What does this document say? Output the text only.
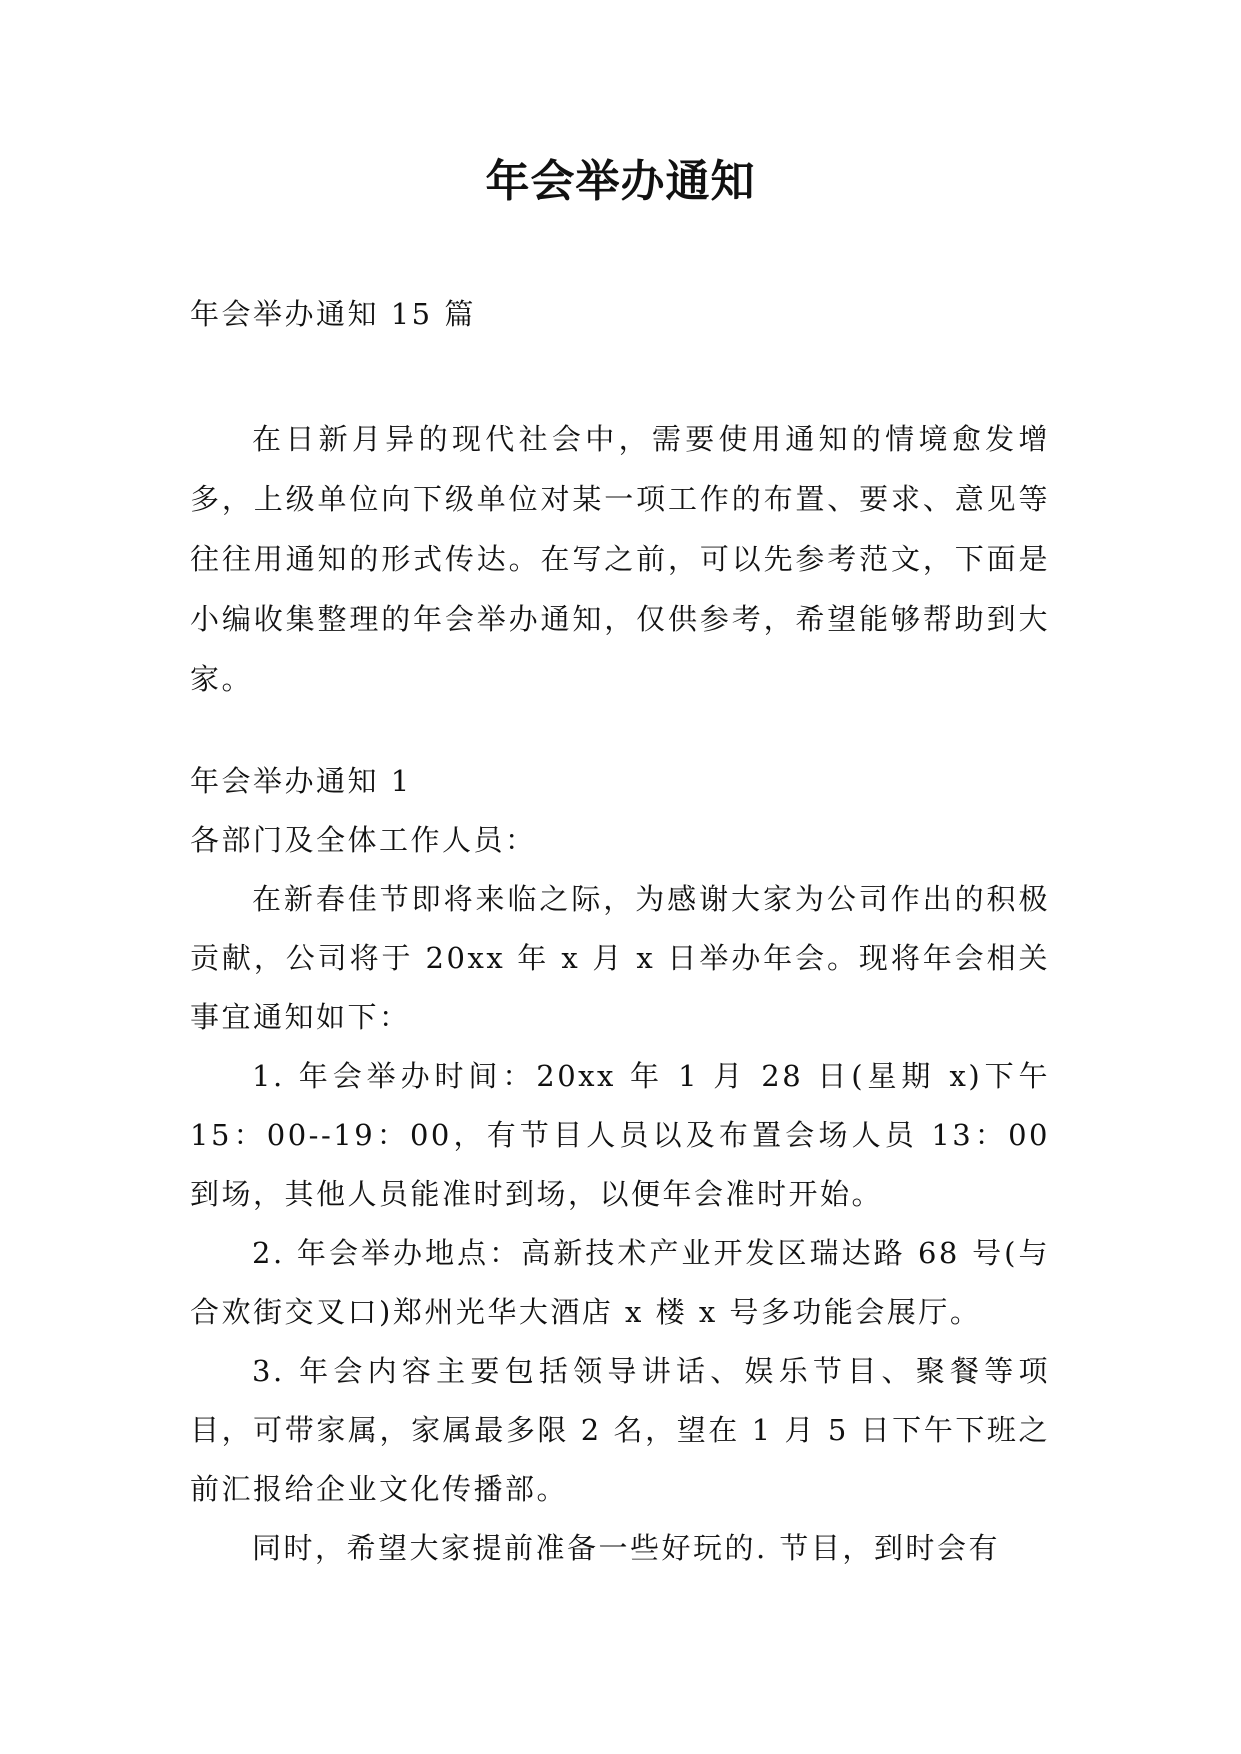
年会举办通知
年会举办通知 15 篇
在日新月异的现代社会中，需要使用通知的情境愈发增多，上级单位向下级单位对某一项工作的布置、要求、意见等往往用通知的形式传达。在写之前，可以先参考范文，下面是小编收集整理的年会举办通知，仅供参考，希望能够帮助到大家。

年会举办通知 1

各部门及全体工作人员：

在新春佳节即将来临之际，为感谢大家为公司作出的积极贡献，公司将于 20xx 年 x 月 x 日举办年会。现将年会相关事宜通知如下：

1. 年会举办时间：20xx 年 1 月 28 日(星期 x)下午 15：00--19：00，有节目人员以及布置会场人员 13：00 到场，其他人员能准时到场，以便年会准时开始。

2. 年会举办地点：高新技术产业开发区瑞达路 68 号(与合欢街交叉口)郑州光华大酒店 x 楼 x 号多功能会展厅。

3. 年会内容主要包括领导讲话、娱乐节目、聚餐等项目，可带家属，家属最多限 2 名，望在 1 月 5 日下午下班之前汇报给企业文化传播部。

同时，希望大家提前准备一些好玩的. 节目，到时会有
